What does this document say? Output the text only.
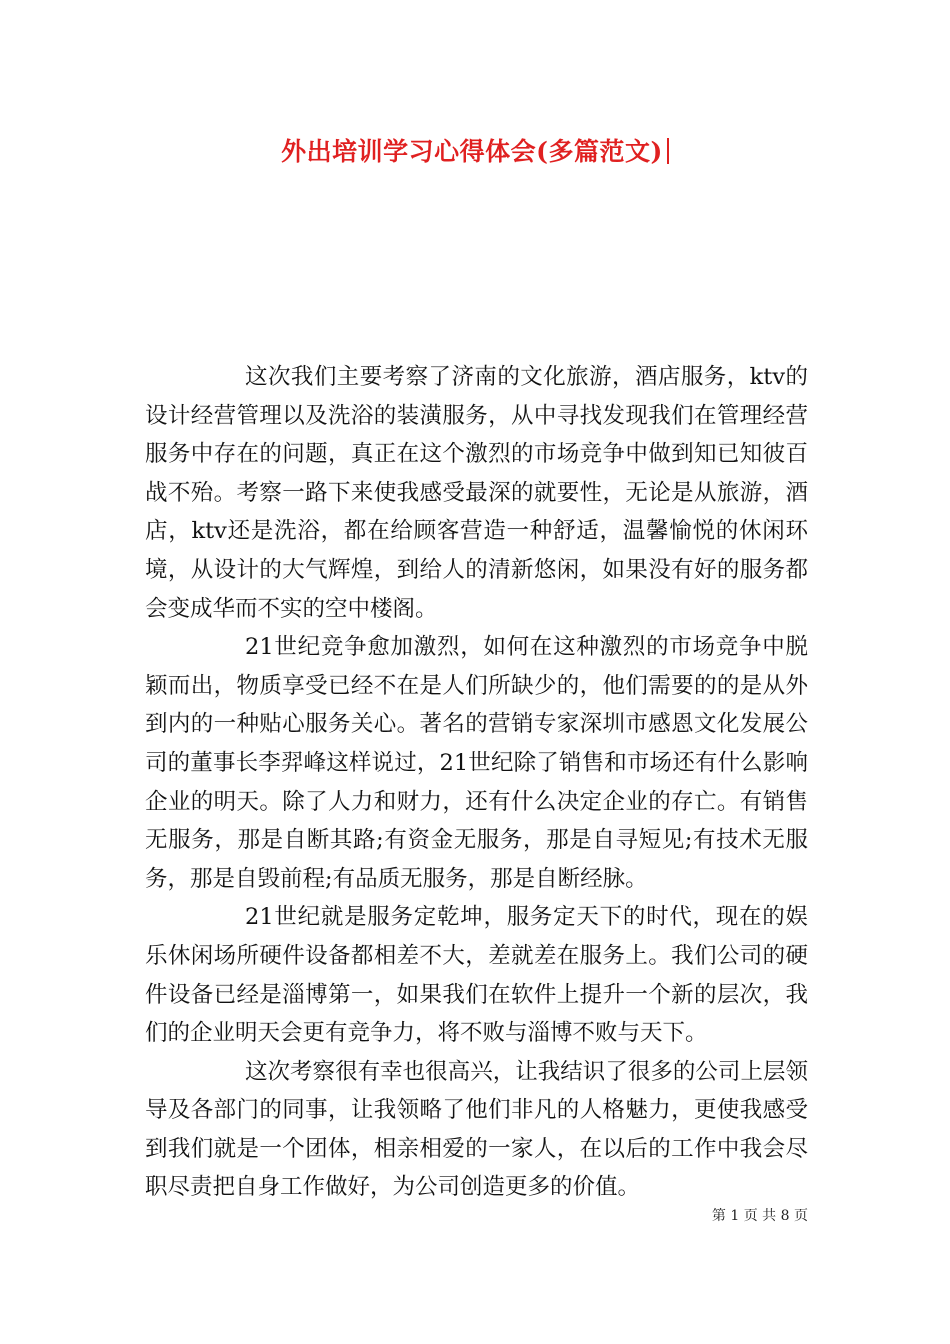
外出培训学习心得体会(多篇范文)

这次我们主要考察了济南的文化旅游，酒店服务，ktv的设计经营管理以及洗浴的装潢服务，从中寻找发现我们在管理经营服务中存在的问题，真正在这个激烈的市场竞争中做到知已知彼百战不殆。考察一路下来使我感受最深的就要性，无论是从旅游，酒店，ktv还是洗浴，都在给顾客营造一种舒适，温馨愉悦的休闲环境，从设计的大气辉煌，到给人的清新悠闲，如果没有好的服务都会变成华而不实的空中楼阁。

21世纪竞争愈加激烈，如何在这种激烈的市场竞争中脱颖而出，物质享受已经不在是人们所缺少的，他们需要的的是从外到内的一种贴心服务关心。著名的营销专家深圳市感恩文化发展公司的董事长李羿峰这样说过，21世纪除了销售和市场还有什么影响企业的明天。除了人力和财力，还有什么决定企业的存亡。有销售无服务，那是自断其路;有资金无服务，那是自寻短见;有技术无服务，那是自毁前程;有品质无服务，那是自断经脉。

21世纪就是服务定乾坤，服务定天下的时代，现在的娱乐休闲场所硬件设备都相差不大，差就差在服务上。我们公司的硬件设备已经是淄博第一，如果我们在软件上提升一个新的层次，我们的企业明天会更有竞争力，将不败与淄博不败与天下。

这次考察很有幸也很高兴，让我结识了很多的公司上层领导及各部门的同事，让我领略了他们非凡的人格魅力，更使我感受到我们就是一个团体，相亲相爱的一家人，在以后的工作中我会尽职尽责把自身工作做好，为公司创造更多的价值。

第 1 页 共 8 页
